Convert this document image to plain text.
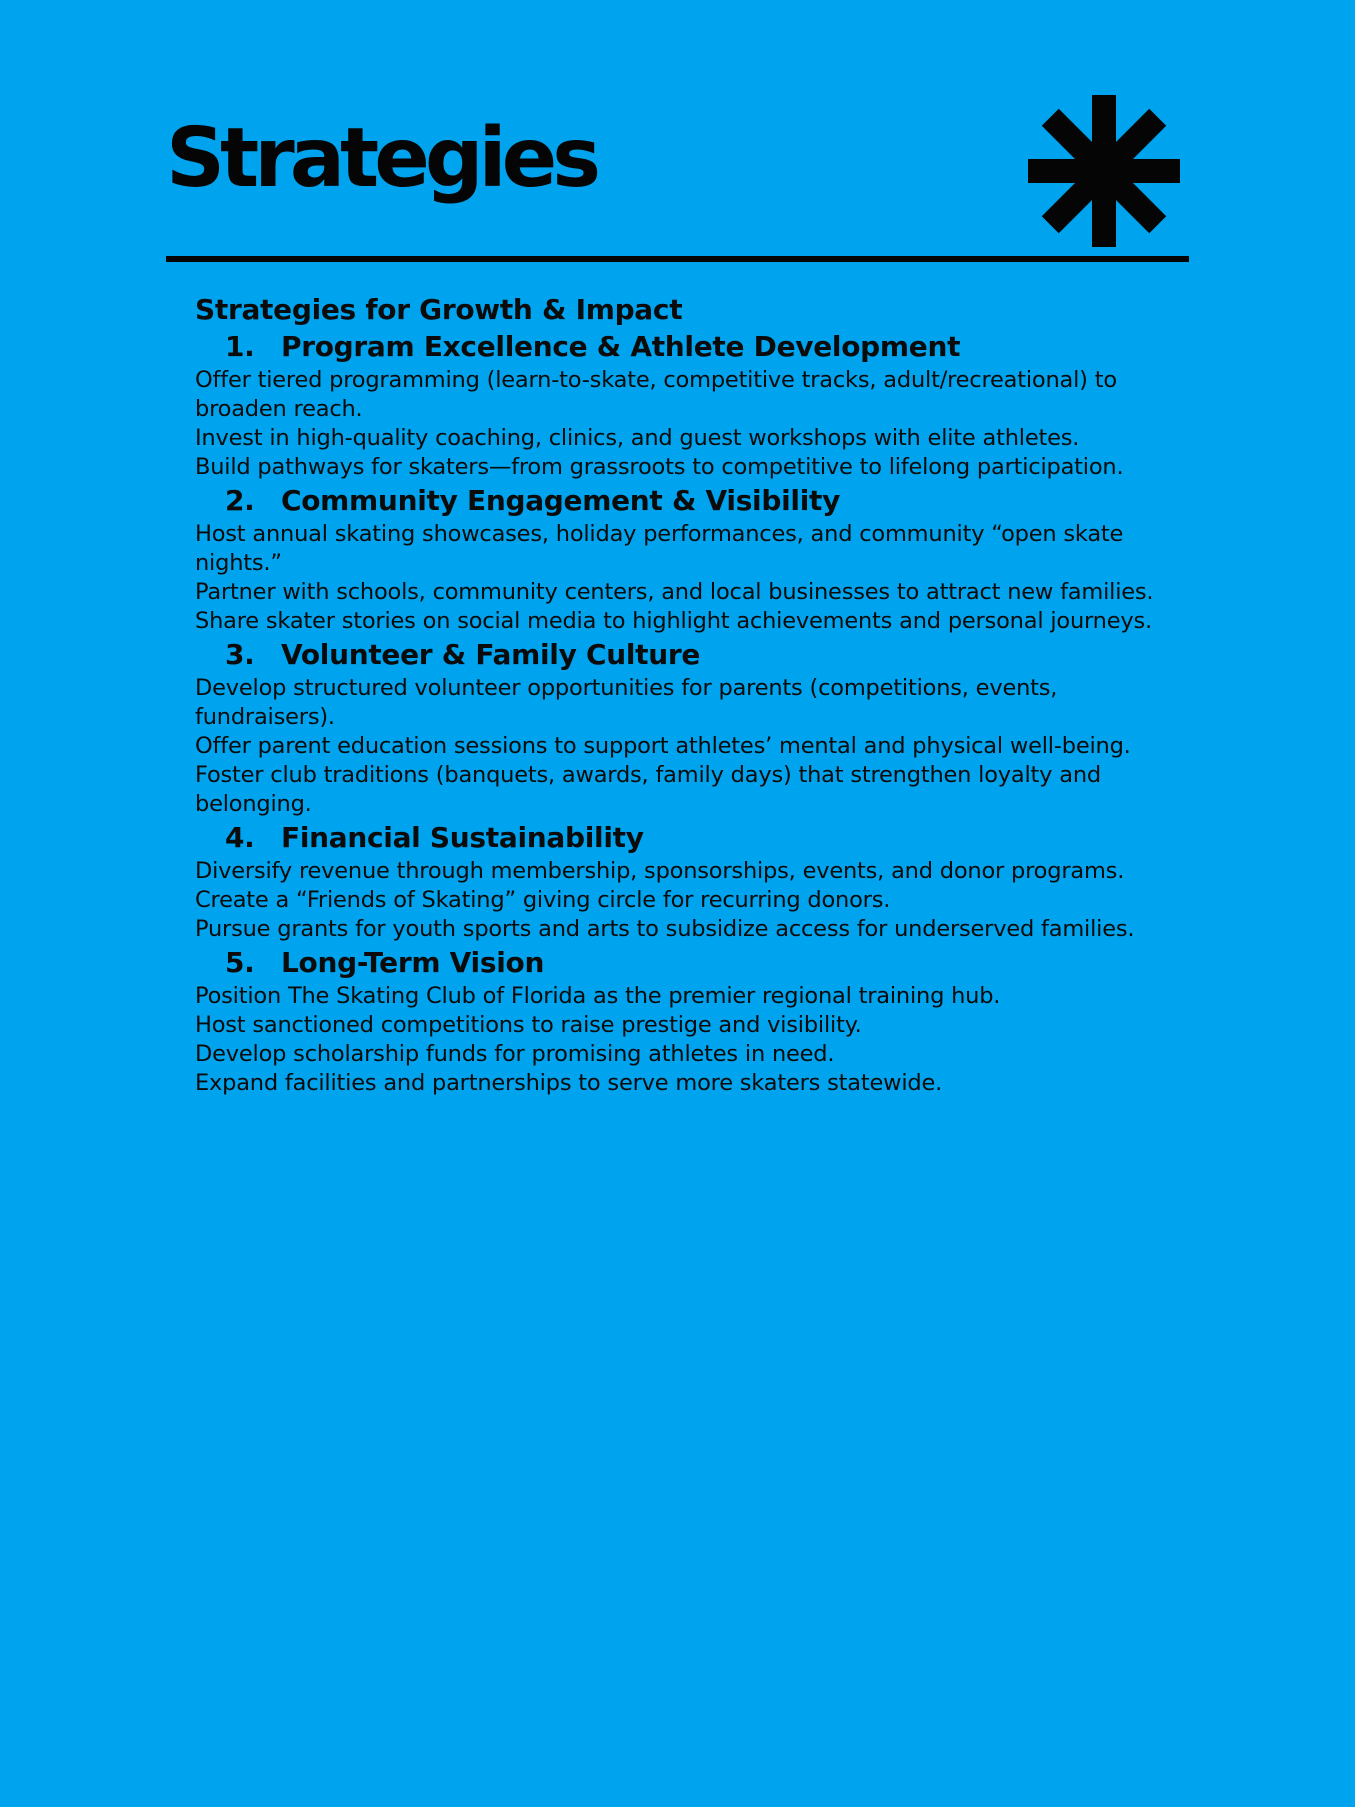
Strategies
Strategies for Growth & Impact
1. Program Excellence & Athlete Development

Offer tiered programming (learn-to-skate, competitive tracks, adult/recreational) to broaden reach.

Invest in high-quality coaching, clinics, and guest workshops with elite athletes.

Build pathways for skaters—from grassroots to competitive to lifelong participation.

2. Community Engagement & Visibility

Host annual skating showcases, holiday performances, and community “open skate nights.”

Partner with schools, community centers, and local businesses to attract new families.

Share skater stories on social media to highlight achievements and personal journeys.

3. Volunteer & Family Culture

Develop structured volunteer opportunities for parents (competitions, events, fundraisers).

Offer parent education sessions to support athletes’ mental and physical well-being.

Foster club traditions (banquets, awards, family days) that strengthen loyalty and belonging.

4. Financial Sustainability

Diversify revenue through membership, sponsorships, events, and donor programs.

Create a “Friends of Skating” giving circle for recurring donors.

Pursue grants for youth sports and arts to subsidize access for underserved families.

5. Long-Term Vision

Position The Skating Club of Florida as the premier regional training hub.

Host sanctioned competitions to raise prestige and visibility.

Develop scholarship funds for promising athletes in need.

Expand facilities and partnerships to serve more skaters statewide.
